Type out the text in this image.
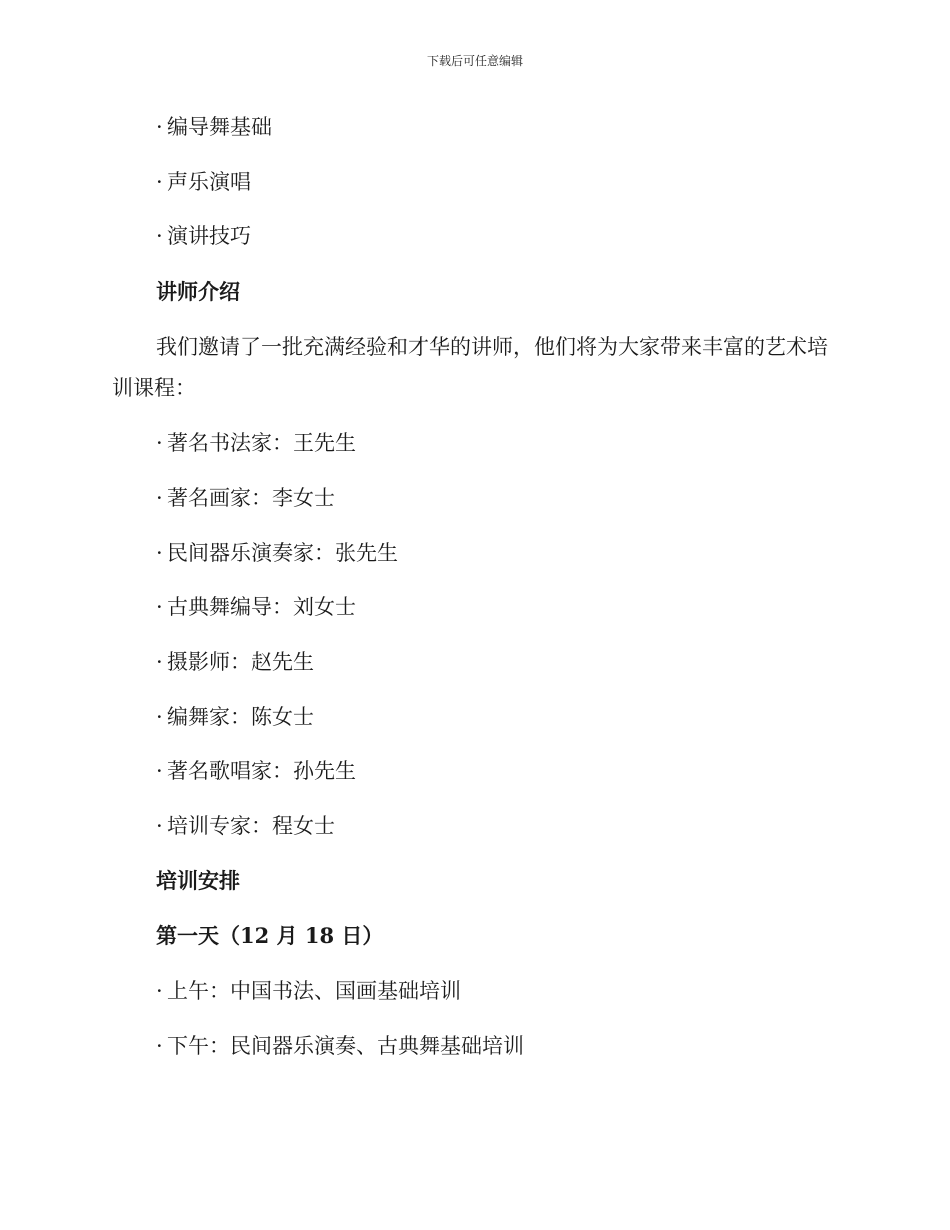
下载后可任意编辑
· 编导舞基础
· 声乐演唱
· 演讲技巧
讲师介绍
我们邀请了一批充满经验和才华的讲师，他们将为大家带来丰富的艺术培训课程：
· 著名书法家：王先生
· 著名画家：李女士
· 民间器乐演奏家：张先生
· 古典舞编导：刘女士
· 摄影师：赵先生
· 编舞家：陈女士
· 著名歌唱家：孙先生
· 培训专家：程女士
培训安排
第一天（12 月 18 日）
· 上午：中国书法、国画基础培训
· 下午：民间器乐演奏、古典舞基础培训
